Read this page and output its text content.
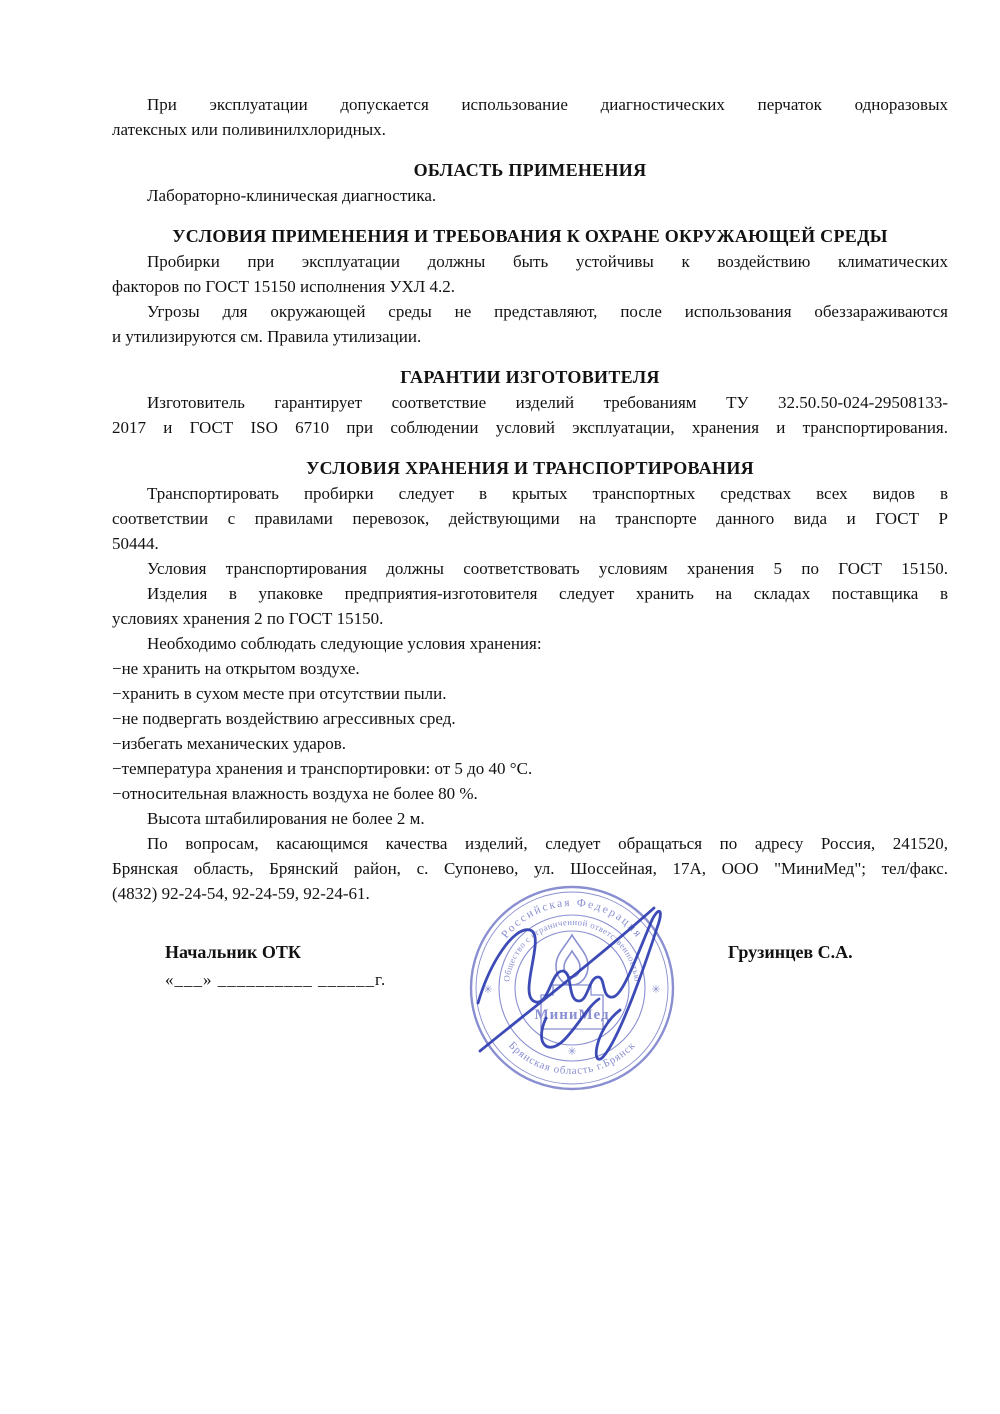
При эксплуатации допускается использование диагностических перчаток одноразовых
латексных или поливинилхлоридных.
ОБЛАСТЬ ПРИМЕНЕНИЯ
Лабораторно-клиническая диагностика.
УСЛОВИЯ ПРИМЕНЕНИЯ И ТРЕБОВАНИЯ К ОХРАНЕ ОКРУЖАЮЩЕЙ СРЕДЫ
Пробирки при эксплуатации должны быть устойчивы к воздействию климатических
факторов по ГОСТ 15150 исполнения УХЛ 4.2.
Угрозы для окружающей среды не представляют, после использования обеззараживаются
и утилизируются см. Правила утилизации.
ГАРАНТИИ ИЗГОТОВИТЕЛЯ
Изготовитель гарантирует соответствие изделий требованиям ТУ 32.50.50-024-29508133-
2017 и ГОСТ ISO 6710 при соблюдении условий эксплуатации, хранения и транспортирования.
УСЛОВИЯ ХРАНЕНИЯ И ТРАНСПОРТИРОВАНИЯ
Транспортировать пробирки следует в крытых транспортных средствах всех видов в
соответствии с правилами перевозок, действующими на транспорте данного вида и ГОСТ Р
50444.
Условия транспортирования должны соответствовать условиям хранения 5 по ГОСТ 15150.
Изделия в упаковке предприятия-изготовителя следует хранить на складах поставщика в
условиях хранения 2 по ГОСТ 15150.
Необходимо соблюдать следующие условия хранения:
−не хранить на открытом воздухе.
−хранить в сухом месте при отсутствии пыли.
−не подвергать воздействию агрессивных сред.
−избегать механических ударов.
−температура хранения и транспортировки: от 5 до 40 °С.
−относительная влажность воздуха не более 80 %.
Высота штабилирования не более 2 м.
По вопросам, касающимся качества изделий, следует обращаться по адресу Россия, 241520,
Брянская область, Брянский район, с. Супонево, ул. Шоссейная, 17А, ООО "МиниМед"; тел/факс.
(4832) 92-24-54, 92-24-59, 92-24-61.
Начальник ОТК	Грузинцев С.А.
«___» __________ ______г.
Российская Федерация
Брянская область г.Брянск
Общество с ограниченной ответственностью
✳	✳
✳
МиниМед
